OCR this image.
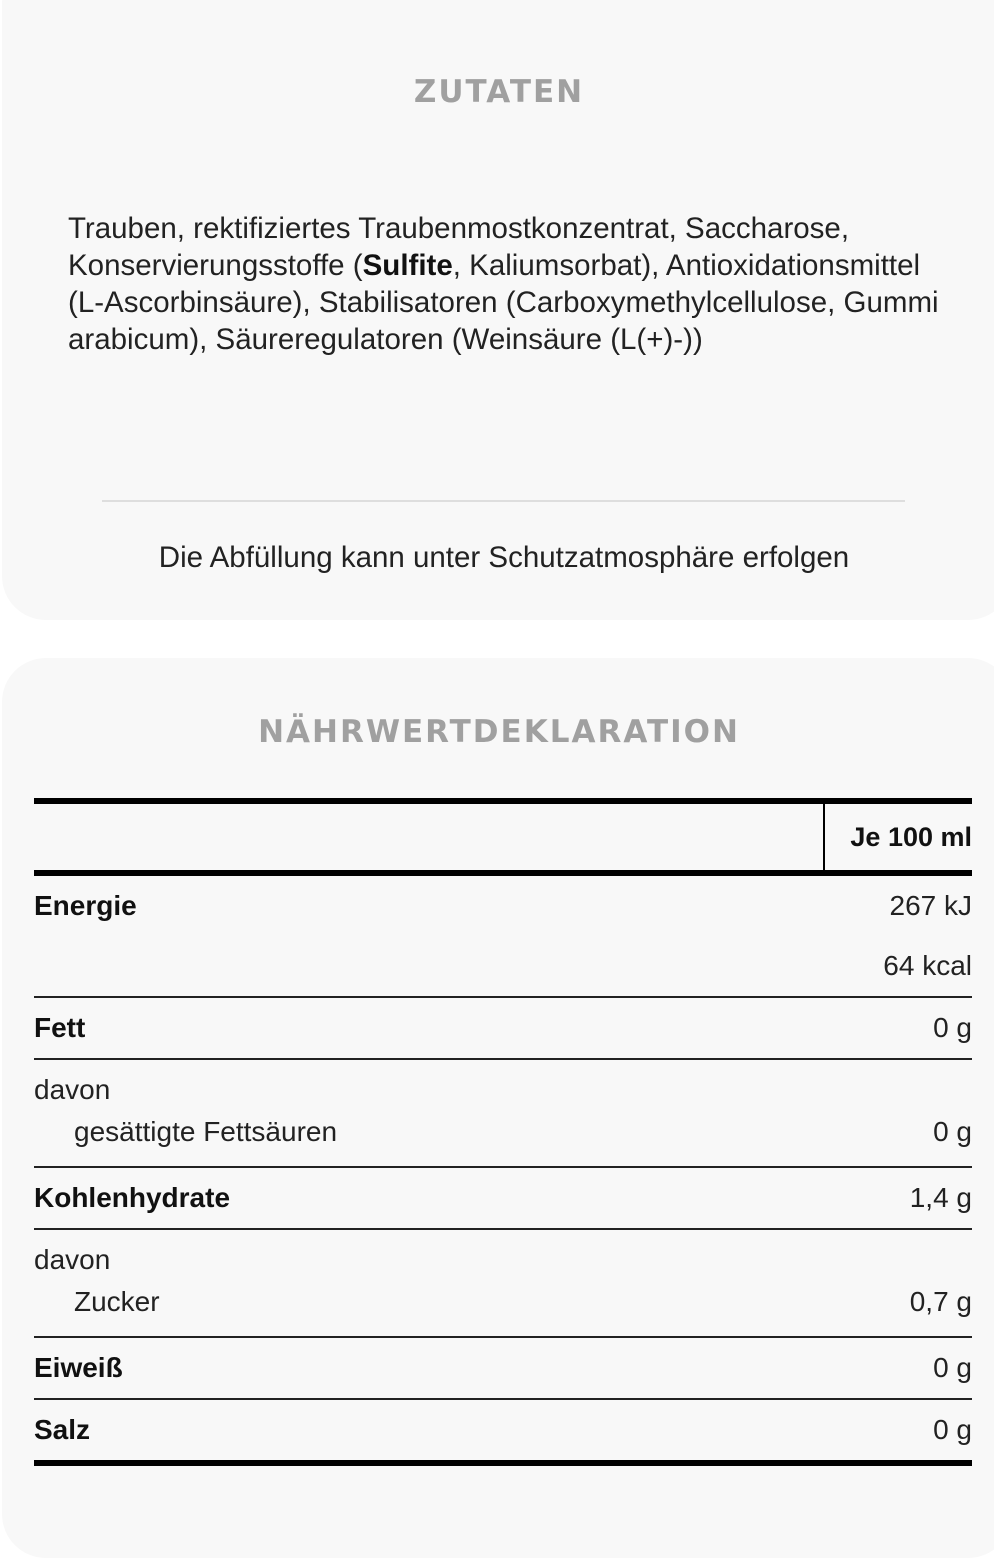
ZUTATEN

Trauben, rektifiziertes Traubenmostkonzentrat, Saccharose, Konservierungsstoffe (Sulfite, Kaliumsorbat), Antioxidationsmittel (L-Ascorbinsäure), Stabilisatoren (Carboxymethylcellulose, Gummi arabicum), Säureregulatoren (Weinsäure (L(+)-))

Die Abfüllung kann unter Schutzatmosphäre erfolgen

NÄHRWERTDEKLARATION
Je 100 ml
Energie	267 kJ
64 kcal
Fett	0 g
davon
gesättigte Fettsäuren	0 g
Kohlenhydrate	1,4 g
davon
Zucker	0,7 g
Eiweiß	0 g
Salz	0 g
